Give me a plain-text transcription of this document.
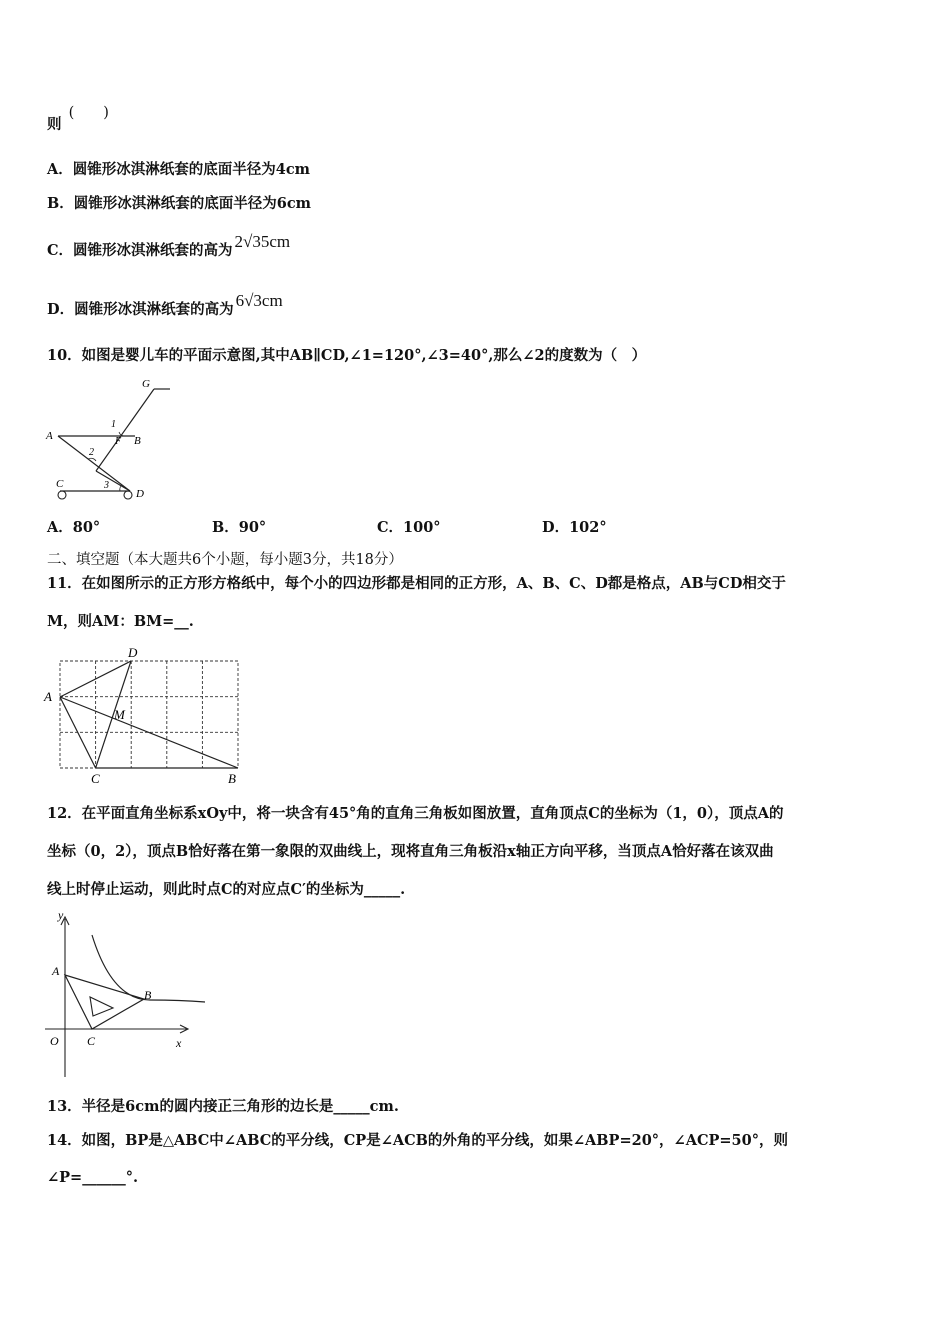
则 (　　)
A．圆锥形冰淇淋纸套的底面半径为4cm
B．圆锥形冰淇淋纸套的底面半径为6cm
C．圆锥形冰淇淋纸套的高为 2√35cm
D．圆锥形冰淇淋纸套的高为 6√3cm
10．如图是婴儿车的平面示意图,其中AB∥CD,∠1=120°,∠3=40°,那么∠2的度数为（　）
G
A	B
F
1
2
C	3
D
A．80°	B．90°	C．100°	D．102°
二、填空题（本大题共6个小题，每小题3分，共18分）
11．在如图所示的正方形方格纸中，每个小的四边形都是相同的正方形，A、B、C、D都是格点，AB与CD相交于
M，则AM：BM=__.
A
D
M
C	B
12．在平面直角坐标系xOy中，将一块含有45°角的直角三角板如图放置，直角顶点C的坐标为（1，0），顶点A的
坐标（0，2），顶点B恰好落在第一象限的双曲线上，现将直角三角板沿x轴正方向平移，当顶点A恰好落在该双曲
线上时停止运动，则此时点C的对应点C′的坐标为_____.
y
A
B
O C	x
13．半径是6cm的圆内接正三角形的边长是_____cm.
14．如图，BP是△ABC中∠ABC的平分线，CP是∠ACB的外角的平分线，如果∠ABP=20°，∠ACP=50°，则
∠P=______°.
